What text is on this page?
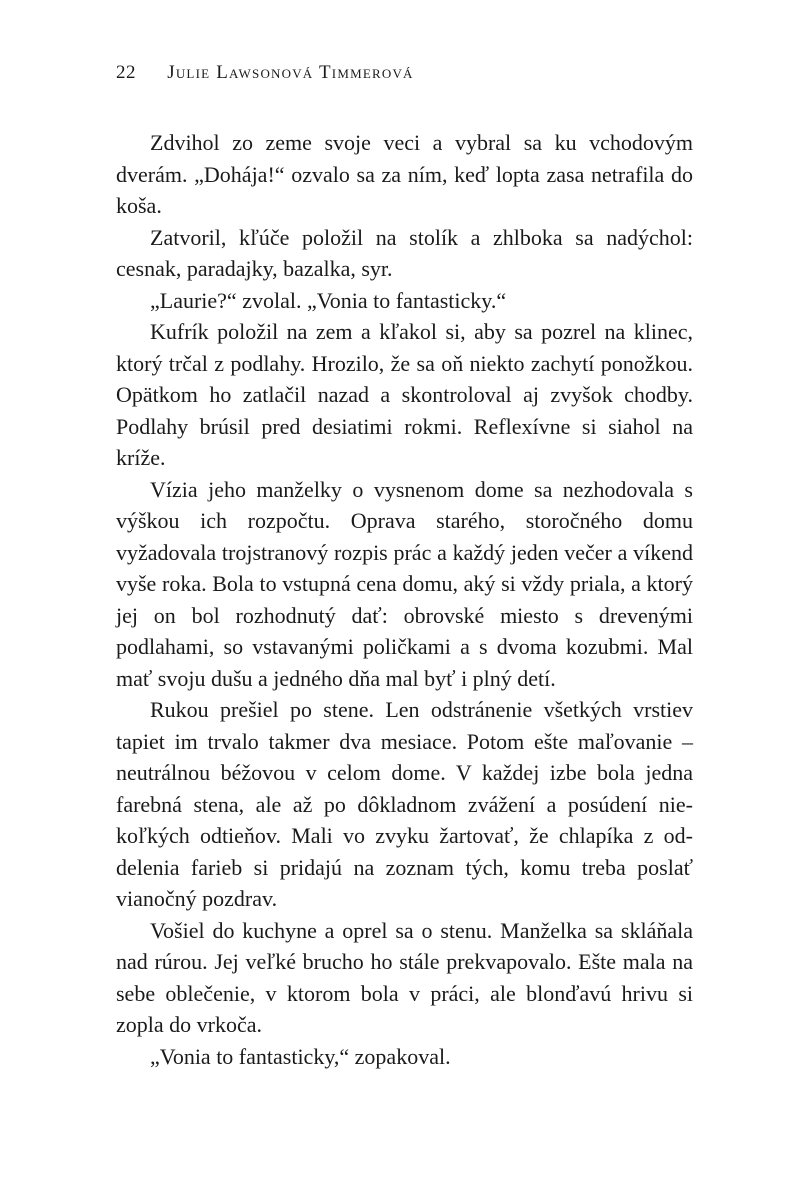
22 Julie Lawsonová Timmerová

Zdvihol zo zeme svoje veci a vybral sa ku vchodovým dverám. „Dohája!“ ozvalo sa za ním, keď lopta zasa netrafila do koša.

Zatvoril, kľúče položil na stolík a zhlboka sa nadýchol: cesnak, paradajky, bazalka, syr.

„Laurie?“ zvolal. „Vonia to fantasticky.“

Kufrík položil na zem a kľakol si, aby sa pozrel na klinec, ktorý trčal z podlahy. Hrozilo, že sa oň niekto zachytí ponožkou. Opätkom ho zatlačil nazad a skontroloval aj zvyšok chodby. Podlahy brúsil pred desiatimi rokmi. Reflexívne si siahol na kríže.

Vízia jeho manželky o vysnenom dome sa nezhodovala s výškou ich rozpočtu. Oprava starého, storočného domu vyžadovala trojstranový rozpis prác a každý jeden večer a víkend vyše roka. Bola to vstupná cena domu, aký si vždy priala, a ktorý jej on bol rozhodnutý dať: obrovské miesto s drevenými podlahami, so vstavanými poličkami a s dvoma kozubmi. Mal mať svoju dušu a jedného dňa mal byť i plný detí.

Rukou prešiel po stene. Len odstránenie všetkých vrstiev tapiet im trvalo takmer dva mesiace. Potom ešte maľovanie – neutrálnou béžovou v celom dome. V každej izbe bola jedna farebná stena, ale až po dôkladnom zvážení a posúdení niekoľkých odtieňov. Mali vo zvyku žartovať, že chlapíka z oddelenia farieb si pridajú na zoznam tých, komu treba poslať vianočný pozdrav.

Vošiel do kuchyne a oprel sa o stenu. Manželka sa skláňala nad rúrou. Jej veľké brucho ho stále prekvapovalo. Ešte mala na sebe oblečenie, v ktorom bola v práci, ale blonďavú hrivu si zopla do vrkoča.

„Vonia to fantasticky,“ zopakoval.
